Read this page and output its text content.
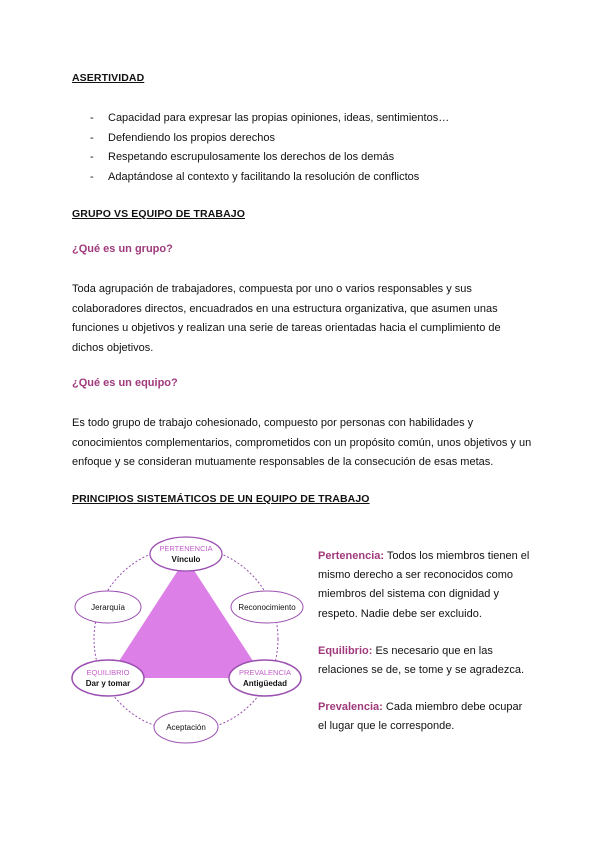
ASERTIVIDAD
- Capacidad para expresar las propias opiniones, ideas, sentimientos…
- Defendiendo los propios derechos
- Respetando escrupulosamente los derechos de los demás
- Adaptándose al contexto y facilitando la resolución de conflictos
GRUPO VS EQUIPO DE TRABAJO
¿Qué es un grupo?
Toda agrupación de trabajadores, compuesta por uno o varios responsables y sus colaboradores directos, encuadrados en una estructura organizativa, que asumen unas funciones u objetivos y realizan una serie de tareas orientadas hacia el cumplimiento de dichos objetivos.
¿Qué es un equipo?
Es todo grupo de trabajo cohesionado, compuesto por personas con habilidades y conocimientos complementarios, comprometidos con un propósito común, unos objetivos y un enfoque y se consideran mutuamente responsables de la consecución de esas metas.
PRINCIPIOS SISTEMÁTICOS DE UN EQUIPO DE TRABAJO
PERTENENCIA
Vínculo
Jerarquía	Reconocimiento
EQUILIBRIO
Dar y tomar
PREVALENCIA
Antigüedad
Aceptación

Pertenencia: Todos los miembros tienen el mismo derecho a ser reconocidos como miembros del sistema con dignidad y respeto. Nadie debe ser excluido.

Equilibrio: Es necesario que en las relaciones se de, se tome y se agradezca.

Prevalencia: Cada miembro debe ocupar el lugar que le corresponde.
